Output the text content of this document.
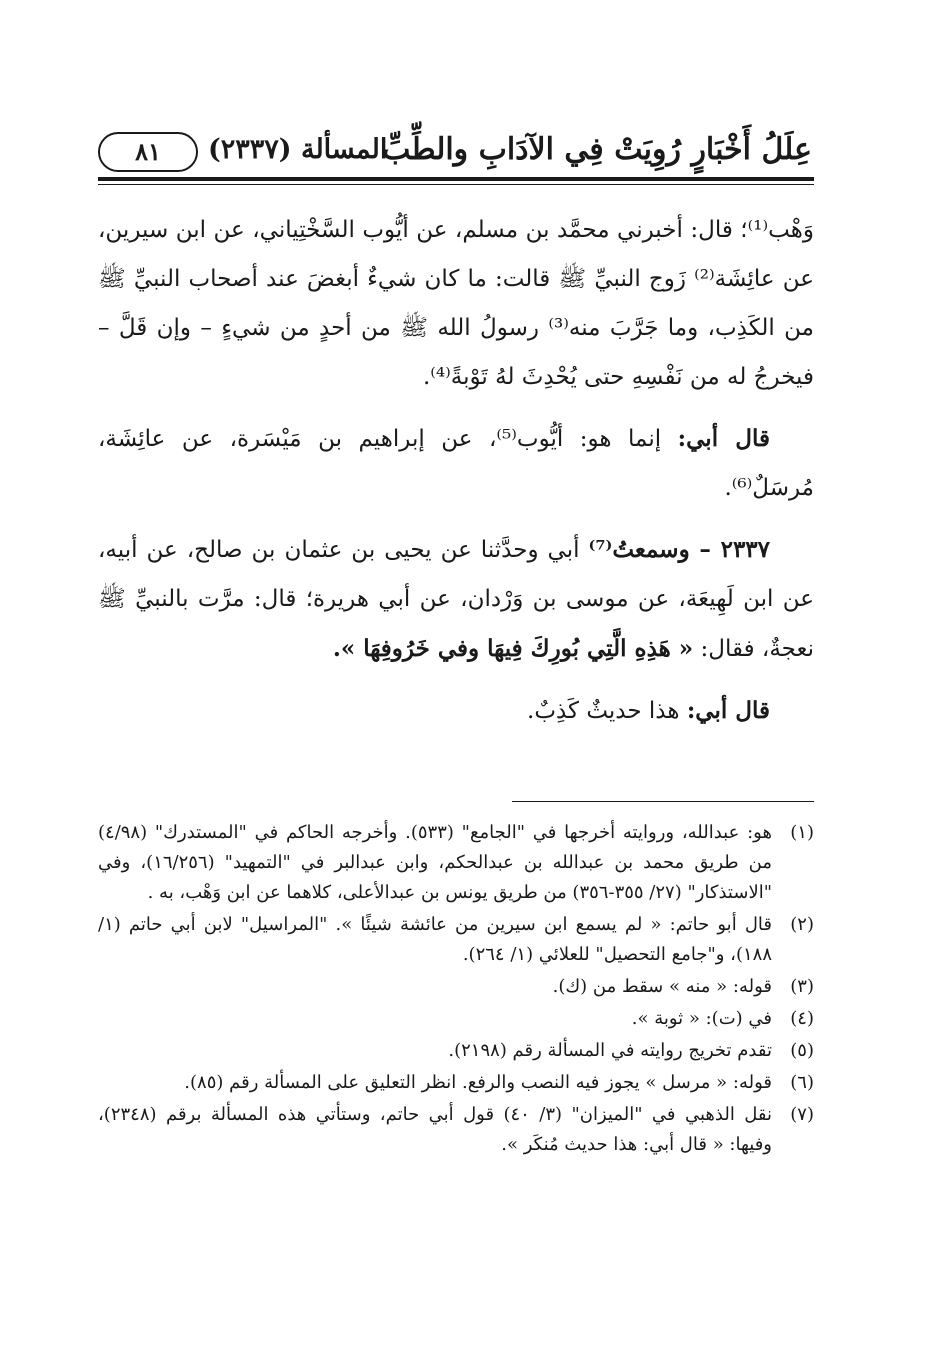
عِلَلُ أَخْبَارٍ رُوِيَتْ فِي الآدَابِ والطِّبِّ
المسألة (٢٣٣٧)
٨١

وَهْب⁽¹⁾؛ قال: أخبرني محمَّد بن مسلم، عن أيُّوب السَّخْتِياني، عن ابن سيرين، عن عائِشَة⁽²⁾ زَوج النبيِّ ﷺ قالت: ما كان شيءٌ أبغضَ عند أصحاب النبيِّ ﷺ من الكَذِب، وما جَرَّبَ منه⁽³⁾ رسولُ الله ﷺ من أحدٍ من شيءٍ – وإن قَلَّ – فيخرجُ له من نَفْسِهِ حتى يُحْدِثَ لهُ تَوْبةً⁽⁴⁾.

قال أبي: إنما هو: أيُّوب⁽⁵⁾، عن إبراهيم بن مَيْسَرة، عن عائِشَة، مُرسَلٌ⁽⁶⁾.

٢٣٣٧ – وسمعتُ⁽⁷⁾ أبي وحدَّثنا عن يحيى بن عثمان بن صالح، عن أبيه، عن ابن لَهِيعَة، عن موسى بن وَرْدان، عن أبي هريرة؛ قال: مرَّت بالنبيِّ ﷺ نعجةٌ، فقال: « هَذِهِ الَّتِي بُورِكَ فِيهَا وفي خَرُوفِهَا ».

قال أبي: هذا حديثٌ كَذِبٌ.

(١)
هو: عبدالله، وروايته أخرجها في "الجامع" (٥٣٣). وأخرجه الحاكم في "المستدرك" (٤/٩٨) من طريق محمد بن عبدالله بن عبدالحكم، وابن عبدالبر في "التمهيد" (١٦/٢٥٦)، وفي "الاستذكار" (٢٧/ ٣٥٥-٣٥٦) من طريق يونس بن عبدالأعلى، كلاهما عن ابن وَهْب، به .
(٢)
قال أبو حاتم: « لم يسمع ابن سيرين من عائشة شيئًا ». "المراسيل" لابن أبي حاتم (١/ ١٨٨)، و"جامع التحصيل" للعلائي (١/ ٢٦٤).
(٣)
قوله: « منه » سقط من (ك).
(٤)
في (ت): « ثوبة ».
(٥)
تقدم تخريج روايته في المسألة رقم (٢١٩٨).
(٦)
قوله: « مرسل » يجوز فيه النصب والرفع. انظر التعليق على المسألة رقم (٨٥).
(٧)
نقل الذهبي في "الميزان" (٣/ ٤٠) قول أبي حاتم، وستأتي هذه المسألة برقم (٢٣٤٨)، وفيها: « قال أبي: هذا حديث مُنكَر ».
